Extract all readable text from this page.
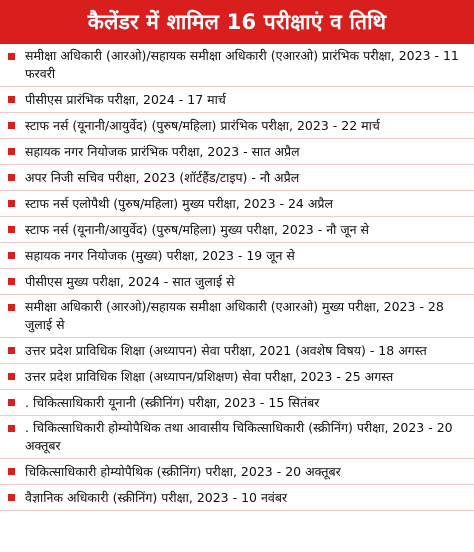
कैलेंडर में शामिल 16 परीक्षाएं व तिथि
समीक्षा अधिकारी (आरओ)/सहायक समीक्षा अधिकारी (एआरओ) प्रारंभिक परीक्षा, 2023 - 11 फरवरी
पीसीएस प्रारंभिक परीक्षा, 2024 - 17 मार्च
स्टाफ नर्स (यूनानी/आयुर्वेद) (पुरुष/महिला) प्रारंभिक परीक्षा, 2023 - 22 मार्च
सहायक नगर नियोजक प्रारंभिक परीक्षा, 2023 - सात अप्रैल
अपर निजी सचिव परीक्षा, 2023 (शॉर्टहैंड/टाइप) - नौ अप्रैल
स्टाफ नर्स एलोपैथी (पुरुष/महिला) मुख्य परीक्षा, 2023 - 24 अप्रैल
स्टाफ नर्स (यूनानी/आयुर्वेद) (पुरुष/महिला) मुख्य परीक्षा, 2023 - नौ जून से
सहायक नगर नियोजक (मुख्य) परीक्षा, 2023 - 19 जून से
पीसीएस मुख्य परीक्षा, 2024 - सात जुलाई से
समीक्षा अधिकारी (आरओ)/सहायक समीक्षा अधिकारी (एआरओ) मुख्य परीक्षा, 2023 - 28 जुलाई से
उत्तर प्रदेश प्राविधिक शिक्षा (अध्यापन) सेवा परीक्षा, 2021 (अवशेष विषय) - 18 अगस्त
उत्तर प्रदेश प्राविधिक शिक्षा (अध्यापन/प्रशिक्षण) सेवा परीक्षा, 2023 - 25 अगस्त
. चिकित्साधिकारी यूनानी (स्क्रीनिंग) परीक्षा, 2023 - 15 सितंबर
. चिकित्साधिकारी होम्योपैथिक तथा आवासीय चिकित्साधिकारी (स्क्रीनिंग) परीक्षा, 2023 - 20 अक्तूबर
चिकित्साधिकारी होम्योपैथिक (स्क्रीनिंग) परीक्षा, 2023 - 20 अक्तूबर
वैज्ञानिक अधिकारी (स्क्रीनिंग) परीक्षा, 2023 - 10 नवंबर
